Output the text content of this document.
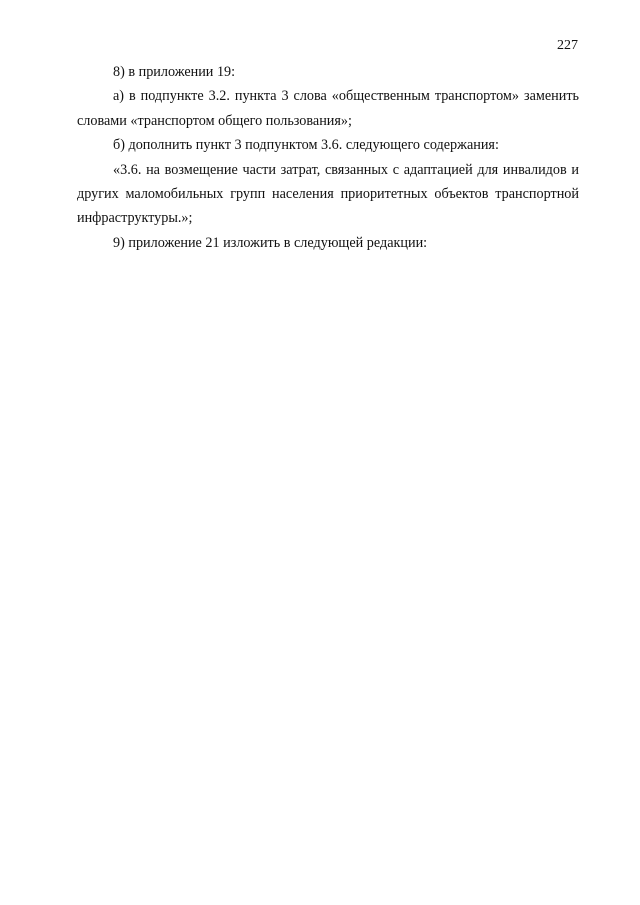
227

8) в приложении 19:

а) в подпункте 3.2. пункта 3 слова «общественным транспортом» заменить словами «транспортом общего пользования»;

б) дополнить пункт 3 подпунктом 3.6. следующего содержания:

«3.6. на возмещение части затрат, связанных с адаптацией для инвалидов и других маломобильных групп населения приоритетных объектов транспортной инфраструктуры.»;

9) приложение 21 изложить в следующей редакции:
